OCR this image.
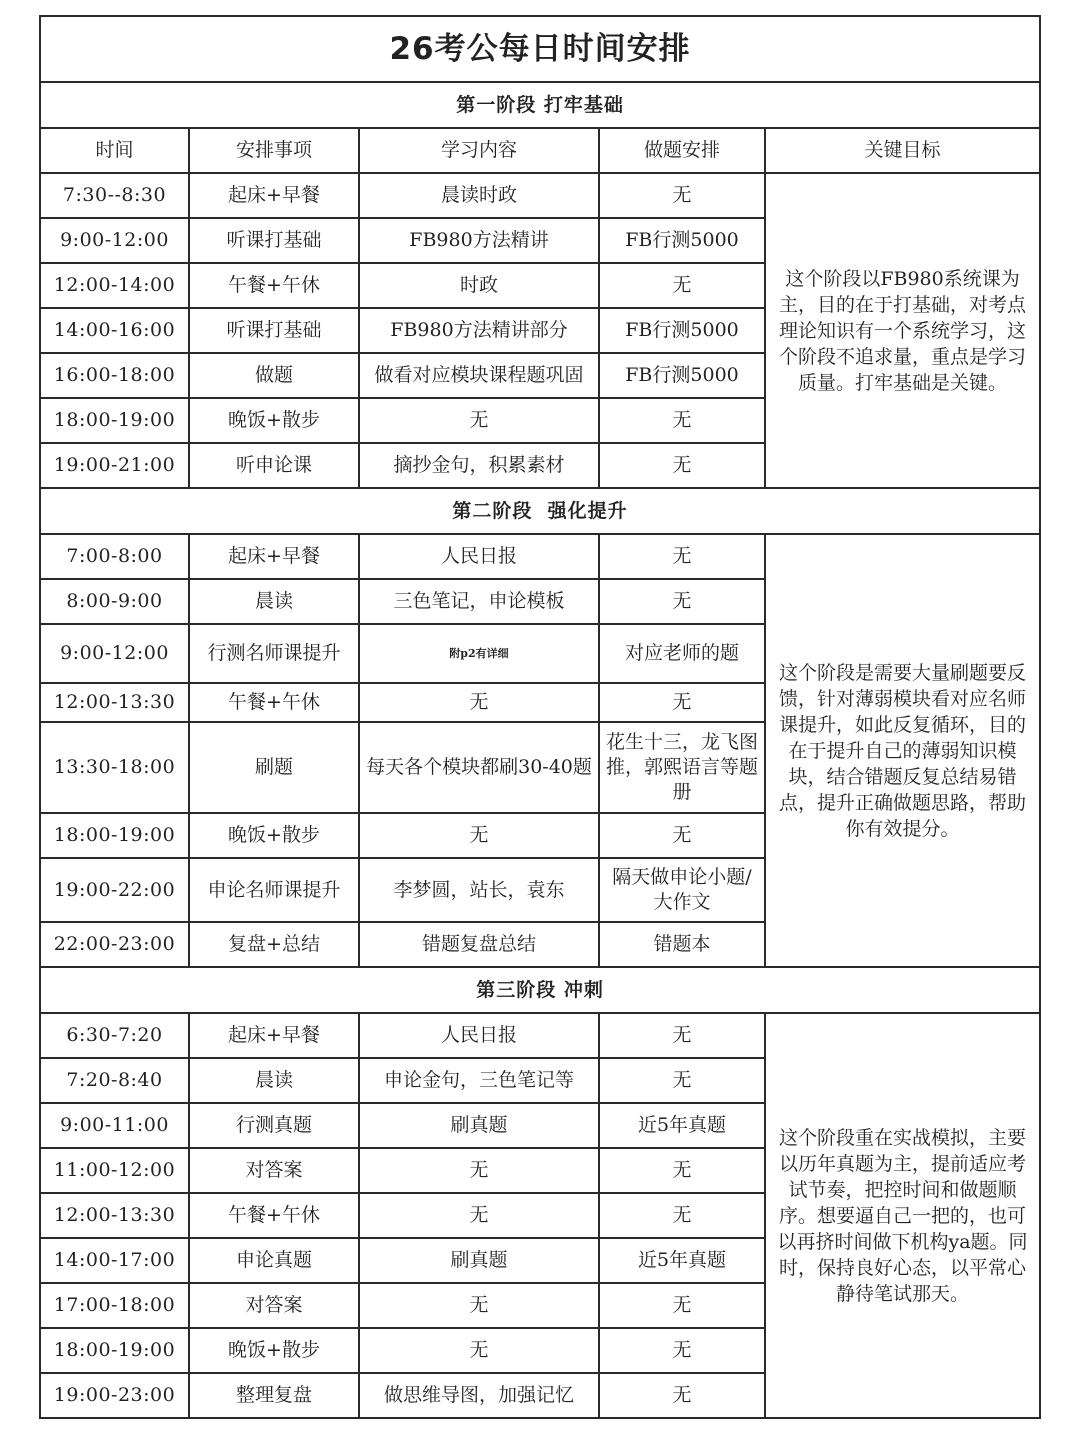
26考公每日时间安排				
第一阶段 打牢基础				
时间	安排事项	学习内容	做题安排	关键目标
7:30--8:30	起床+早餐	晨读时政	无	这个阶段以FB980系统课为主，目的在于打基础，对考点理论知识有一个系统学习，这个阶段不追求量，重点是学习质量。打牢基础是关键。
9:00-12:00	听课打基础	FB980方法精讲	FB行测5000	
12:00-14:00	午餐+午休	时政	无	
14:00-16:00	听课打基础	FB980方法精讲部分	FB行测5000	
16:00-18:00	做题	做看对应模块课程题巩固	FB行测5000	
18:00-19:00	晚饭+散步	无	无	
19:00-21:00	听申论课	摘抄金句，积累素材	无	
第二阶段  强化提升				
7:00-8:00	起床+早餐	人民日报	无	这个阶段是需要大量刷题要反馈，针对薄弱模块看对应名师课提升，如此反复循环，目的在于提升自己的薄弱知识模块，结合错题反复总结易错点，提升正确做题思路，帮助你有效提分。
8:00-9:00	晨读	三色笔记，申论模板	无	
9:00-12:00	行测名师课提升	附p2有详细	对应老师的题	
12:00-13:30	午餐+午休	无	无	
13:30-18:00	刷题	每天各个模块都刷30-40题	花生十三，龙飞图推，郭熙语言等题册	
18:00-19:00	晚饭+散步	无	无	
19:00-22:00	申论名师课提升	李梦圆，站长，袁东	隔天做申论小题/大作文	
22:00-23:00	复盘+总结	错题复盘总结	错题本	
第三阶段 冲刺				
6:30-7:20	起床+早餐	人民日报	无	这个阶段重在实战模拟，主要以历年真题为主，提前适应考试节奏，把控时间和做题顺序。想要逼自己一把的，也可以再挤时间做下机构ya题。同时，保持良好心态，以平常心静待笔试那天。
7:20-8:40	晨读	申论金句，三色笔记等	无	
9:00-11:00	行测真题	刷真题	近5年真题	
11:00-12:00	对答案	无	无	
12:00-13:30	午餐+午休	无	无	
14:00-17:00	申论真题	刷真题	近5年真题	
17:00-18:00	对答案	无	无	
18:00-19:00	晚饭+散步	无	无	
19:00-23:00	整理复盘	做思维导图，加强记忆	无	
